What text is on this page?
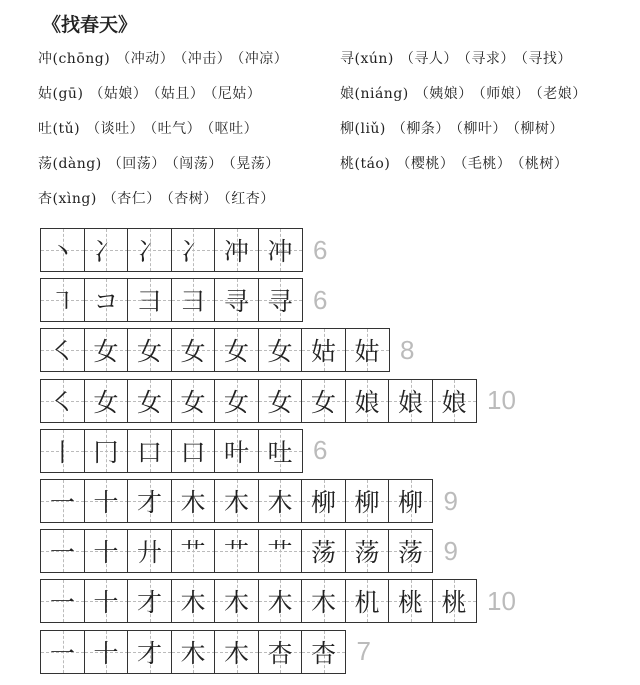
《找春天》
冲(chōng) （冲动） （冲击） （冲凉）
姑(gū) （姑娘） （姑且） （尼姑）
吐(tǔ) （谈吐） （吐气） （呕吐）
荡(dàng) （回荡） （闯荡） （晃荡）
杏(xìng) （杏仁） （杏树） （红杏）
寻(xún) （寻人） （寻求） （寻找）
娘(niáng) （姨娘） （师娘） （老娘）
柳(liǔ) （柳条） （柳叶） （柳树）
桃(táo) （樱桃） （毛桃） （桃树）
丶 冫 冫 冫 冲 冲 6
㇕ コ 彐 彐 寻 寻 6
㇛ 女 女 女 女 女 姑 姑 8
㇛ 女 女 女 女 女 女 娘 娘 娘 10
丨 冂 口 口 叶 吐 6
一 十 才 木 木 木 柳 柳 柳 9
一 十 廾 艹 艹 艹 荡 荡 荡 9
一 十 才 木 木 木 木 机 桃 桃 10
一 十 才 木 木 杏 杏 7
